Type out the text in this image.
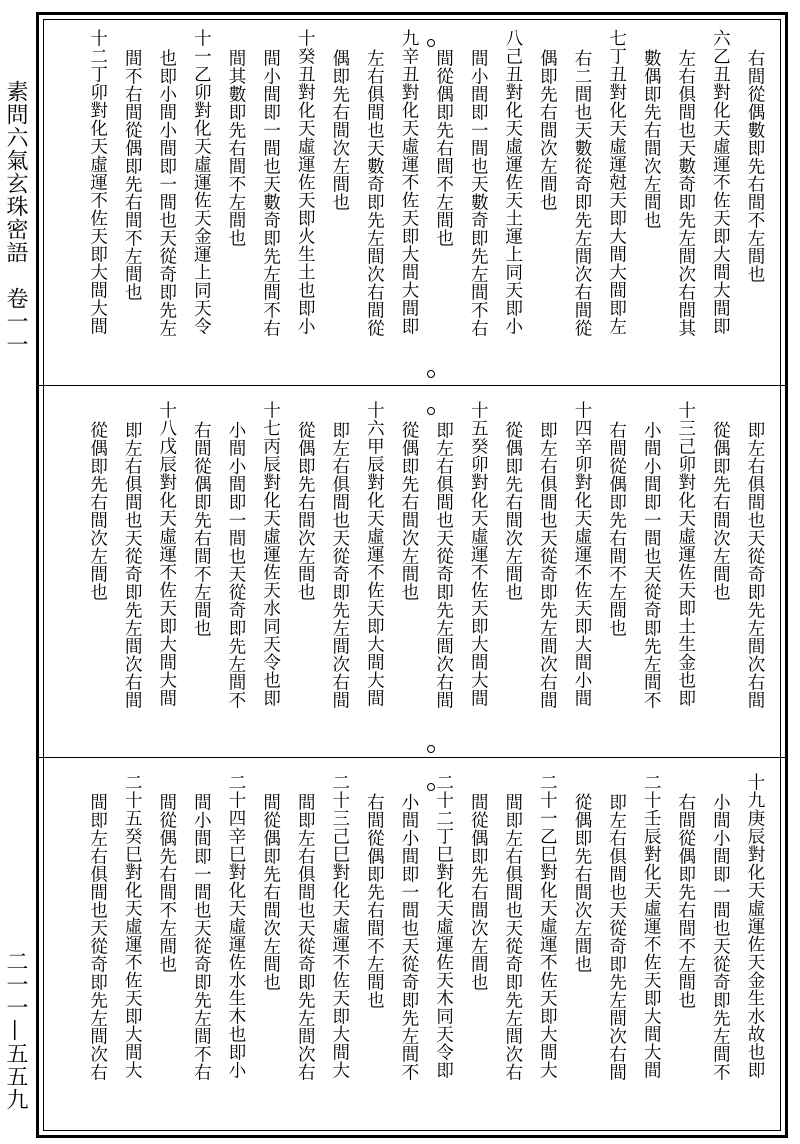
素問六氣玄珠密語　卷一一
二一一—五五九
右間從偶數即先右間不左間也
六乙丑對化天虛運不佐天即大間大間即
左右俱間也天數奇即先左間次右間其
數偶即先右間次左間也
七丁丑對化天虛運尅天即大間大間即左
右二間也天數從奇即先左間次右間從
偶即先右間次左間也
八己丑對化天虛運佐天土運上同天即小
間小間即一間也天數奇即先左間不右
間從偶即先右間不左間也
九辛丑對化天虛運不佐天即大間大間即
左右俱間也天數奇即先左間次右間從
偶即先右間次左間也
十癸丑對化天虛運佐天即火生土也即小
間小間即一間也天數奇即先左間不右
間其數即先右間不左間也
十一乙卯對化天虛運佐天金運上同天令
也即小間小間即一間也天從奇即先左
間不右間從偶即先右間不左間也
十二丁卯對化天虛運不佐天即大間大間
即左右俱間也天從奇即先左間次右間
從偶即先右間次左間也
十三己卯對化天虛運佐天即土生金也即
小間小間即一間也天從奇即先左間不
右間從偶即先右間不左間也
十四辛卯對化天虛運不佐天即大間小間
即左右俱間也天從奇即先左間次右間
從偶即先右間次左間也
十五癸卯對化天虛運不佐天即大間大間
即左右俱間也天從奇即先左間次右間
從偶即先右間次左間也
十六甲辰對化天虛運不佐天即大間大間
即左右俱間也天從奇即先左間次右間
從偶即先右間次左間也
十七丙辰對化天虛運佐天水同天令也即
小間小間即一間也天從奇即先左間不
右間從偶即先右間不左間也
十八戊辰對化天虛運不佐天即大間大間
即左右俱間也天從奇即先左間次右間
從偶即先右間次左間也
十九庚辰對化天虛運佐天金生水故也即
小間小間即一間也天從奇即先左間不
右間從偶即先右間不左間也
二十壬辰對化天虛運不佐天即大間大間
即左右俱間也天從奇即先左間次右間
從偶即先右間次左間也
二十一乙巳對化天虛運不佐天即大間大
間即左右俱間也天從奇即先左間次右
間從偶即先右間次左間也
二十二丁巳對化天虛運佐天木同天令即
小間小間即一間也天從奇即先左間不
右間從偶即先右間不左間也
二十三己巳對化天虛運不佐天即大間大
間即左右俱間也天從奇即先左間次右
間從偶即先右間次左間也
二十四辛巳對化天虛運佐水生木也即小
間小間即一間也天從奇即先左間不右
間從偶先右間不左間也
二十五癸巳對化天虛運不佐天即大間大
間即左右俱間也天從奇即先左間次右
